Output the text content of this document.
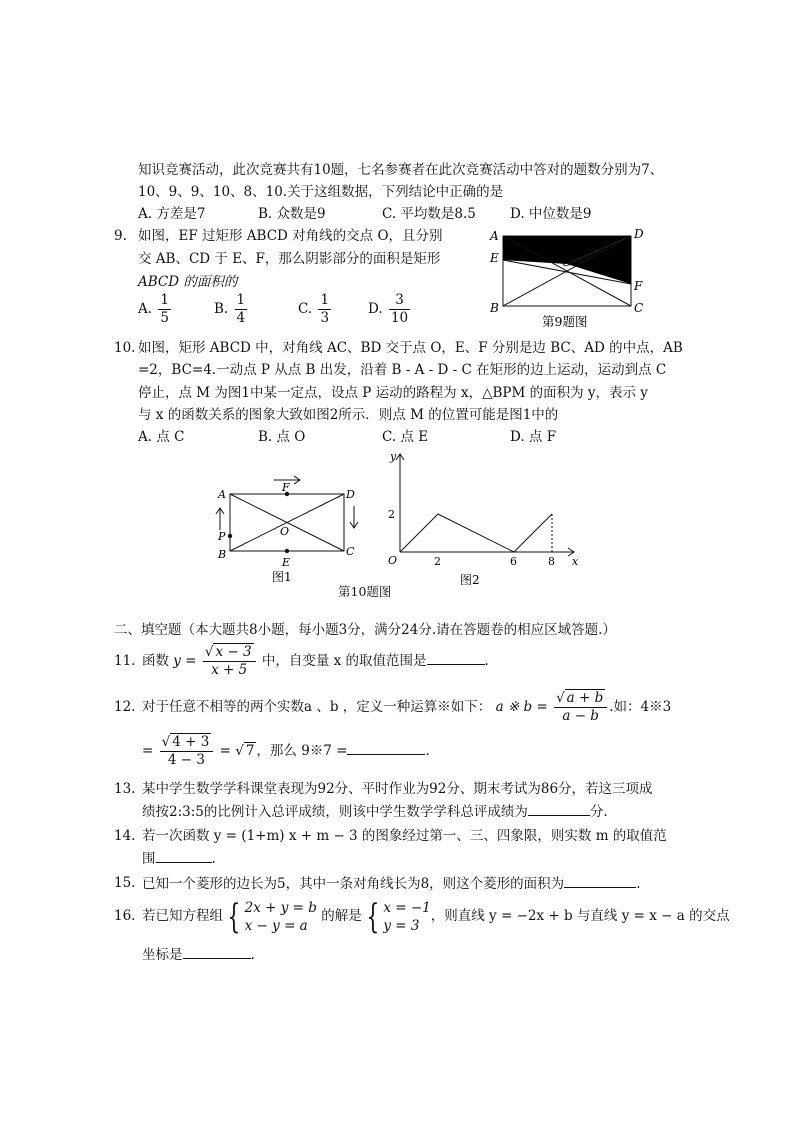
知识竞赛活动，此次竞赛共有10题，七名参赛者在此次竞赛活动中答对的题数分别为7、
10、9、9、10、8、10.关于这组数据，下列结论中正确的是
A. 方差是7	B. 众数是9	C. 平均数是8.5	D. 中位数是9
9. 如图，EF 过矩形 ABCD 对角线的交点 O，且分别
交 AB、CD 于 E、F，那么阴影部分的面积是矩形
ABCD 的面积的
A. $\frac{1}{5}$	B. $\frac{1}{4}$	C. $\frac{1}{3}$	D. $\frac{3}{10}$
A	D
E	O
F
B	C
第9题图
10. 如图，矩形 ABCD 中，对角线 AC、BD 交于点 O，E、F 分别是边 BC、AD 的中点，AB
=2，BC=4.一动点 P 从点 B 出发，沿着 B - A - D - C 在矩形的边上运动，运动到点 C
停止，点 M 为图1中某一定点，设点 P 运动的路程为 x，△BPM 的面积为 y，表示 y
与 x 的函数关系的图象大致如图2所示．则点 M 的位置可能是图1中的
A. 点 C	B. 点 O	C. 点 E	D. 点 F
A
F
D
O
P
B	C
E
图1
y
2
O	2	6	8 x
图2
第10题图
二、填空题（本大题共8小题，每小题3分，满分24分.请在答题卷的相应区域答题.）
11. 函数 $y = \frac{√ x - 3}{x + 5}$ 中，自变量 x 的取值范围是	.
12. 对于任意不相等的两个实数a 、b ，定义一种运算※如下： a ※ $b = \frac{√ a + b}{a - b}$ .如：4※3
= $\frac{√ 4 + 3}{4 - 3}$ = √ 7 ，那么 9※7 =	.
13. 某中学生数学学科课堂表现为92分、平时作业为92分、期末考试为86分，若这三项成
绩按2:3:5的比例计入总评成绩，则该中学生数学学科总评成绩为	分.
14. 若一次函数 y = (1+m) x + m − 3 的图象经过第一、三、四象限，则实数 m 的取值范
围	.
15. 已知一个菱形的边长为5，其中一条对角线长为8，则这个菱形的面积为	.
16. 若已知方程组 { 2x + y = b
x − y = a 的解是 { x = −1
y = 3，则直线 y = −2x + b 与直线 y = x − a 的交点
坐标是	.
